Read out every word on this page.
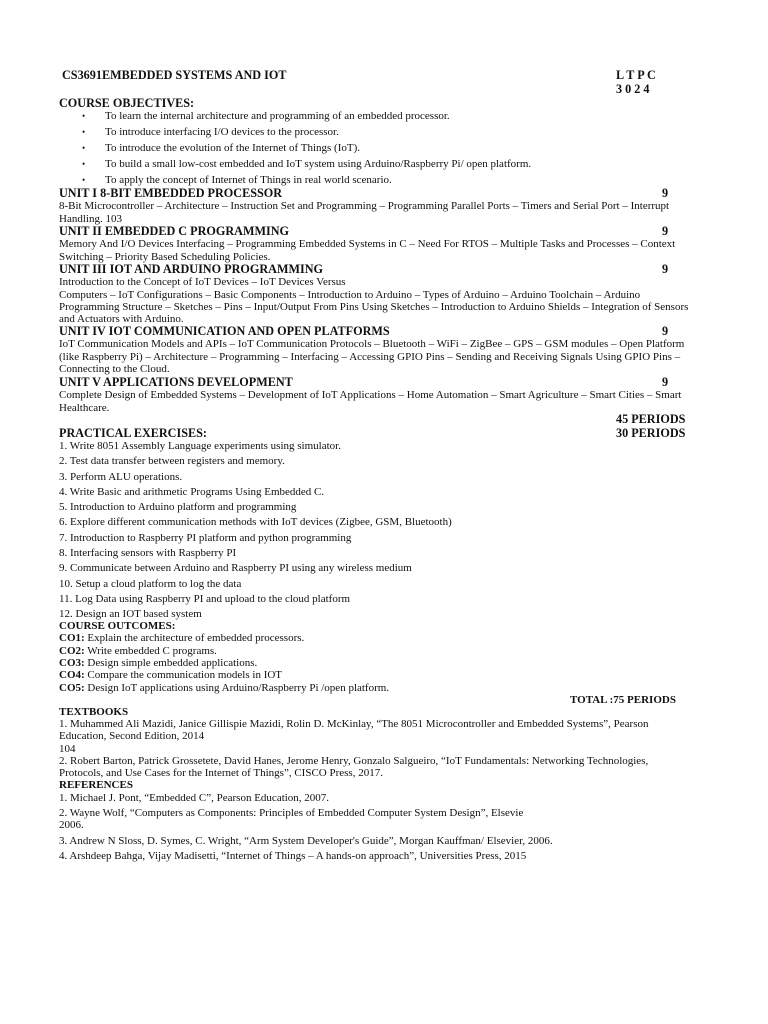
CS3691EMBEDDED SYSTEMS AND IOT	L T P C
3 0 2 4
COURSE OBJECTIVES:
• To learn the internal architecture and programming of an embedded processor.
• To introduce interfacing I/O devices to the processor.
• To introduce the evolution of the Internet of Things (IoT).
• To build a small low-cost embedded and IoT system using Arduino/Raspberry Pi/ open platform.
• To apply the concept of Internet of Things in real world scenario.
UNIT I 8-BIT EMBEDDED PROCESSOR	9
8-Bit Microcontroller – Architecture – Instruction Set and Programming – Programming Parallel Ports – Timers and Serial Port – Interrupt
Handling. 103
UNIT II EMBEDDED C PROGRAMMING	9
Memory And I/O Devices Interfacing – Programming Embedded Systems in C – Need For RTOS – Multiple Tasks and Processes – Context
Switching – Priority Based Scheduling Policies.
UNIT III IOT AND ARDUINO PROGRAMMING	9
Introduction to the Concept of IoT Devices – IoT Devices Versus
Computers – IoT Configurations – Basic Components – Introduction to Arduino – Types of Arduino – Arduino Toolchain – Arduino
Programming Structure – Sketches – Pins – Input/Output From Pins Using Sketches – Introduction to Arduino Shields – Integration of Sensors
and Actuators with Arduino.
UNIT IV IOT COMMUNICATION AND OPEN PLATFORMS	9
IoT Communication Models and APIs – IoT Communication Protocols – Bluetooth – WiFi – ZigBee – GPS – GSM modules – Open Platform
(like Raspberry Pi) – Architecture – Programming – Interfacing – Accessing GPIO Pins – Sending and Receiving Signals Using GPIO Pins –
Connecting to the Cloud.
UNIT V APPLICATIONS DEVELOPMENT	9
Complete Design of Embedded Systems – Development of IoT Applications – Home Automation – Smart Agriculture – Smart Cities – Smart
Healthcare.
45 PERIODS
PRACTICAL EXERCISES:	30 PERIODS
1. Write 8051 Assembly Language experiments using simulator.
2. Test data transfer between registers and memory.
3. Perform ALU operations.
4. Write Basic and arithmetic Programs Using Embedded C.
5. Introduction to Arduino platform and programming
6. Explore different communication methods with IoT devices (Zigbee, GSM, Bluetooth)
7. Introduction to Raspberry PI platform and python programming
8. Interfacing sensors with Raspberry PI
9. Communicate between Arduino and Raspberry PI using any wireless medium
10. Setup a cloud platform to log the data
11. Log Data using Raspberry PI and upload to the cloud platform
12. Design an IOT based system
COURSE OUTCOMES:
CO1: Explain the architecture of embedded processors.
CO2: Write embedded C programs.
CO3: Design simple embedded applications.
CO4: Compare the communication models in IOT
CO5: Design IoT applications using Arduino/Raspberry Pi /open platform.
TOTAL :75 PERIODS
TEXTBOOKS
1. Muhammed Ali Mazidi, Janice Gillispie Mazidi, Rolin D. McKinlay, “The 8051 Microcontroller and Embedded Systems”, Pearson
Education, Second Edition, 2014
104
2. Robert Barton, Patrick Grossetete, David Hanes, Jerome Henry, Gonzalo Salgueiro, “IoT Fundamentals: Networking Technologies,
Protocols, and Use Cases for the Internet of Things”, CISCO Press, 2017.
REFERENCES
1. Michael J. Pont, “Embedded C”, Pearson Education, 2007.
2. Wayne Wolf, “Computers as Components: Principles of Embedded Computer System Design”, Elsevie
2006.
3. Andrew N Sloss, D. Symes, C. Wright, “Arm System Developer's Guide”, Morgan Kauffman/ Elsevier, 2006.
4. Arshdeep Bahga, Vijay Madisetti, “Internet of Things – A hands-on approach”, Universities Press, 2015
